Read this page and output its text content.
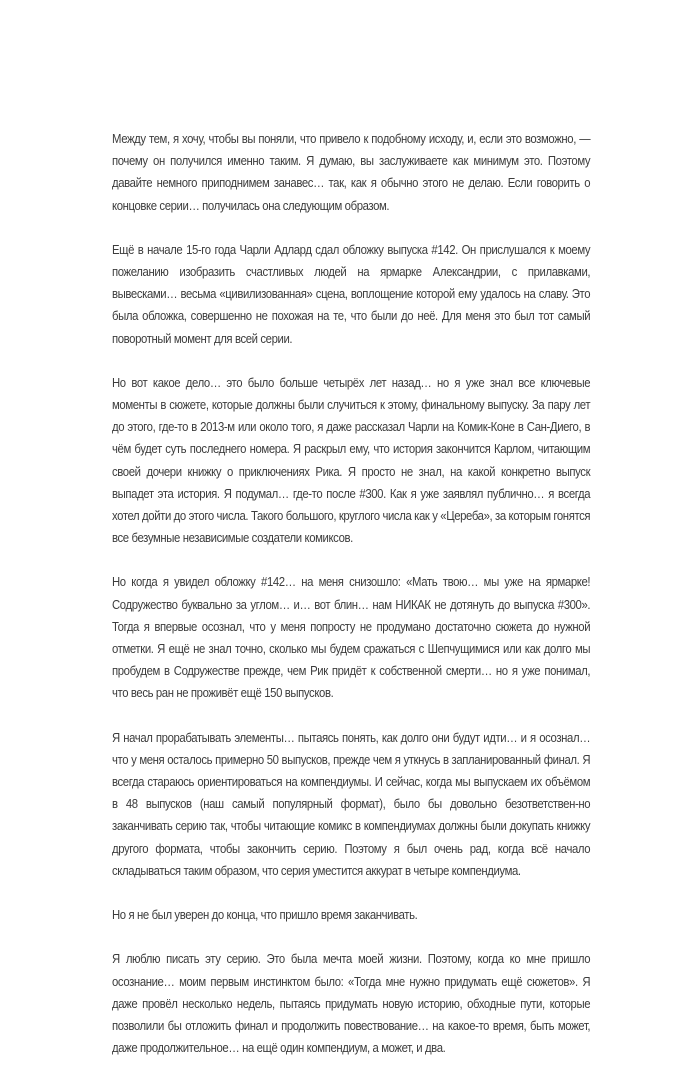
Между тем, я хочу, чтобы вы поняли, что привело к подобному исходу, и, если это возможно, — почему он получился именно таким. Я думаю, вы заслуживаете как минимум это. Поэтому давайте немного приподнимем занавес… так, как я обычно этого не делаю. Если говорить о концовке серии… получилась она следующим образом.

Ещё в начале 15-го года Чарли Адлард сдал обложку выпуска #142. Он прислушался к моему пожеланию изобразить счастливых людей на ярмарке Александрии, с прилавками, вывесками… весьма «цивилизованная» сцена, воплощение которой ему удалось на славу. Это была обложка, совершенно не похожая на те, что были до неё. Для меня это был тот самый поворотный момент для всей серии.

Но вот какое дело… это было больше четырёх лет назад… но я уже знал все ключевые моменты в сюжете, которые должны были случиться к этому, финальному выпуску. За пару лет до этого, где-то в 2013-м или около того, я даже рассказал Чарли на Комик-Коне в Сан-Диего, в чём будет суть последнего номера. Я раскрыл ему, что история закончится Карлом, читающим своей дочери книжку о приключениях Рика. Я просто не знал, на какой конкретно выпуск выпадет эта история. Я подумал… где-то после #300. Как я уже заявлял публично… я всегда хотел дойти до этого числа. Такого большого, круглого числа как у «Цереба», за которым гонятся все безумные независимые создатели комиксов.

Но когда я увидел обложку #142… на меня снизошло: «Мать твою… мы уже на ярмарке! Содружество буквально за углом… и… вот блин… нам НИКАК не дотянуть до выпуска #300». Тогда я впервые осознал, что у меня попросту не продумано достаточно сюжета до нужной отметки. Я ещё не знал точно, сколько мы будем сражаться с Шепчущимися или как долго мы пробудем в Содружестве прежде, чем Рик придёт к собственной смерти… но я уже понимал, что весь ран не проживёт ещё 150 выпусков.

Я начал прорабатывать элементы… пытаясь понять, как долго они будут идти… и я осознал… что у меня осталось примерно 50 выпусков, прежде чем я уткнусь в запланированный финал. Я всегда стараюсь ориентироваться на компендиумы. И сейчас, когда мы выпускаем их объёмом в 48 выпусков (наш самый популярный формат), было бы довольно безответствен-но заканчивать серию так, чтобы читающие комикс в компендиумах должны были докупать книжку другого формата, чтобы закончить серию. Поэтому я был очень рад, когда всё начало складываться таким образом, что серия уместится аккурат в четыре компендиума.

Но я не был уверен до конца, что пришло время заканчивать.

Я люблю писать эту серию. Это была мечта моей жизни. Поэтому, когда ко мне пришло осознание… моим первым инстинктом было: «Тогда мне нужно придумать ещё сюжетов». Я даже провёл несколько недель, пытаясь придумать новую историю, обходные пути, которые позволили бы отложить финал и продолжить повествование… на какое-то время, быть может, даже продолжительное… на ещё один компендиум, а может, и два.
